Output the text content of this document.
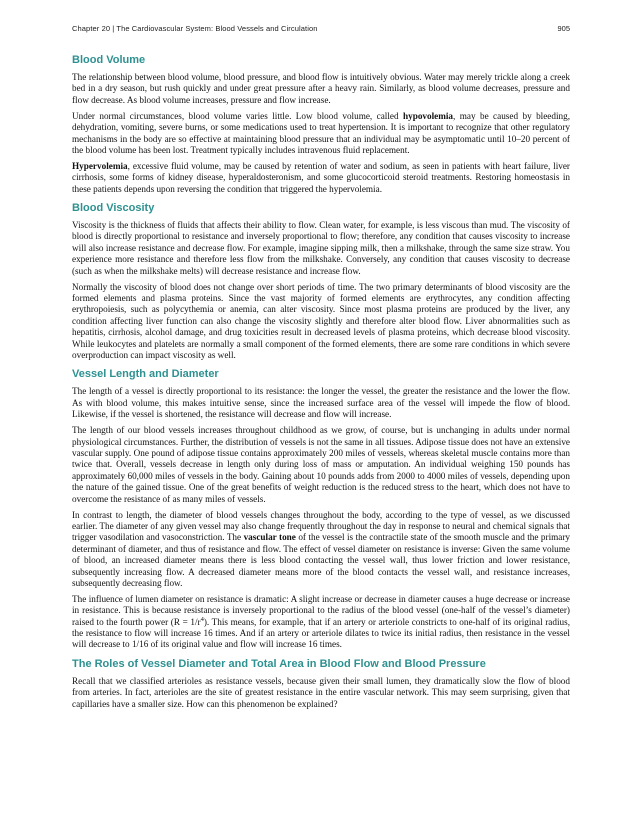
Chapter 20 | The Cardiovascular System: Blood Vessels and Circulation	905
Blood Volume

The relationship between blood volume, blood pressure, and blood flow is intuitively obvious. Water may merely trickle along a creek bed in a dry season, but rush quickly and under great pressure after a heavy rain. Similarly, as blood volume decreases, pressure and flow decrease. As blood volume increases, pressure and flow increase.

Under normal circumstances, blood volume varies little. Low blood volume, called hypovolemia, may be caused by bleeding, dehydration, vomiting, severe burns, or some medications used to treat hypertension. It is important to recognize that other regulatory mechanisms in the body are so effective at maintaining blood pressure that an individual may be asymptomatic until 10–20 percent of the blood volume has been lost. Treatment typically includes intravenous fluid replacement.

Hypervolemia, excessive fluid volume, may be caused by retention of water and sodium, as seen in patients with heart failure, liver cirrhosis, some forms of kidney disease, hyperaldosteronism, and some glucocorticoid steroid treatments. Restoring homeostasis in these patients depends upon reversing the condition that triggered the hypervolemia.

Blood Viscosity

Viscosity is the thickness of fluids that affects their ability to flow. Clean water, for example, is less viscous than mud. The viscosity of blood is directly proportional to resistance and inversely proportional to flow; therefore, any condition that causes viscosity to increase will also increase resistance and decrease flow. For example, imagine sipping milk, then a milkshake, through the same size straw. You experience more resistance and therefore less flow from the milkshake. Conversely, any condition that causes viscosity to decrease (such as when the milkshake melts) will decrease resistance and increase flow.

Normally the viscosity of blood does not change over short periods of time. The two primary determinants of blood viscosity are the formed elements and plasma proteins. Since the vast majority of formed elements are erythrocytes, any condition affecting erythropoiesis, such as polycythemia or anemia, can alter viscosity. Since most plasma proteins are produced by the liver, any condition affecting liver function can also change the viscosity slightly and therefore alter blood flow. Liver abnormalities such as hepatitis, cirrhosis, alcohol damage, and drug toxicities result in decreased levels of plasma proteins, which decrease blood viscosity. While leukocytes and platelets are normally a small component of the formed elements, there are some rare conditions in which severe overproduction can impact viscosity as well.

Vessel Length and Diameter

The length of a vessel is directly proportional to its resistance: the longer the vessel, the greater the resistance and the lower the flow. As with blood volume, this makes intuitive sense, since the increased surface area of the vessel will impede the flow of blood. Likewise, if the vessel is shortened, the resistance will decrease and flow will increase.

The length of our blood vessels increases throughout childhood as we grow, of course, but is unchanging in adults under normal physiological circumstances. Further, the distribution of vessels is not the same in all tissues. Adipose tissue does not have an extensive vascular supply. One pound of adipose tissue contains approximately 200 miles of vessels, whereas skeletal muscle contains more than twice that. Overall, vessels decrease in length only during loss of mass or amputation. An individual weighing 150 pounds has approximately 60,000 miles of vessels in the body. Gaining about 10 pounds adds from 2000 to 4000 miles of vessels, depending upon the nature of the gained tissue. One of the great benefits of weight reduction is the reduced stress to the heart, which does not have to overcome the resistance of as many miles of vessels.

In contrast to length, the diameter of blood vessels changes throughout the body, according to the type of vessel, as we discussed earlier. The diameter of any given vessel may also change frequently throughout the day in response to neural and chemical signals that trigger vasodilation and vasoconstriction. The vascular tone of the vessel is the contractile state of the smooth muscle and the primary determinant of diameter, and thus of resistance and flow. The effect of vessel diameter on resistance is inverse: Given the same volume of blood, an increased diameter means there is less blood contacting the vessel wall, thus lower friction and lower resistance, subsequently increasing flow. A decreased diameter means more of the blood contacts the vessel wall, and resistance increases, subsequently decreasing flow.

The influence of lumen diameter on resistance is dramatic: A slight increase or decrease in diameter causes a huge decrease or increase in resistance. This is because resistance is inversely proportional to the radius of the blood vessel (one-half of the vessel’s diameter) raised to the fourth power $(R = 1/r^4)$. This means, for example, that if an artery or arteriole constricts to one-half of its original radius, the resistance to flow will increase 16 times. And if an artery or arteriole dilates to twice its initial radius, then resistance in the vessel will decrease to 1/16 of its original value and flow will increase 16 times.

The Roles of Vessel Diameter and Total Area in Blood Flow and Blood Pressure

Recall that we classified arterioles as resistance vessels, because given their small lumen, they dramatically slow the flow of blood from arteries. In fact, arterioles are the site of greatest resistance in the entire vascular network. This may seem surprising, given that capillaries have a smaller size. How can this phenomenon be explained?
